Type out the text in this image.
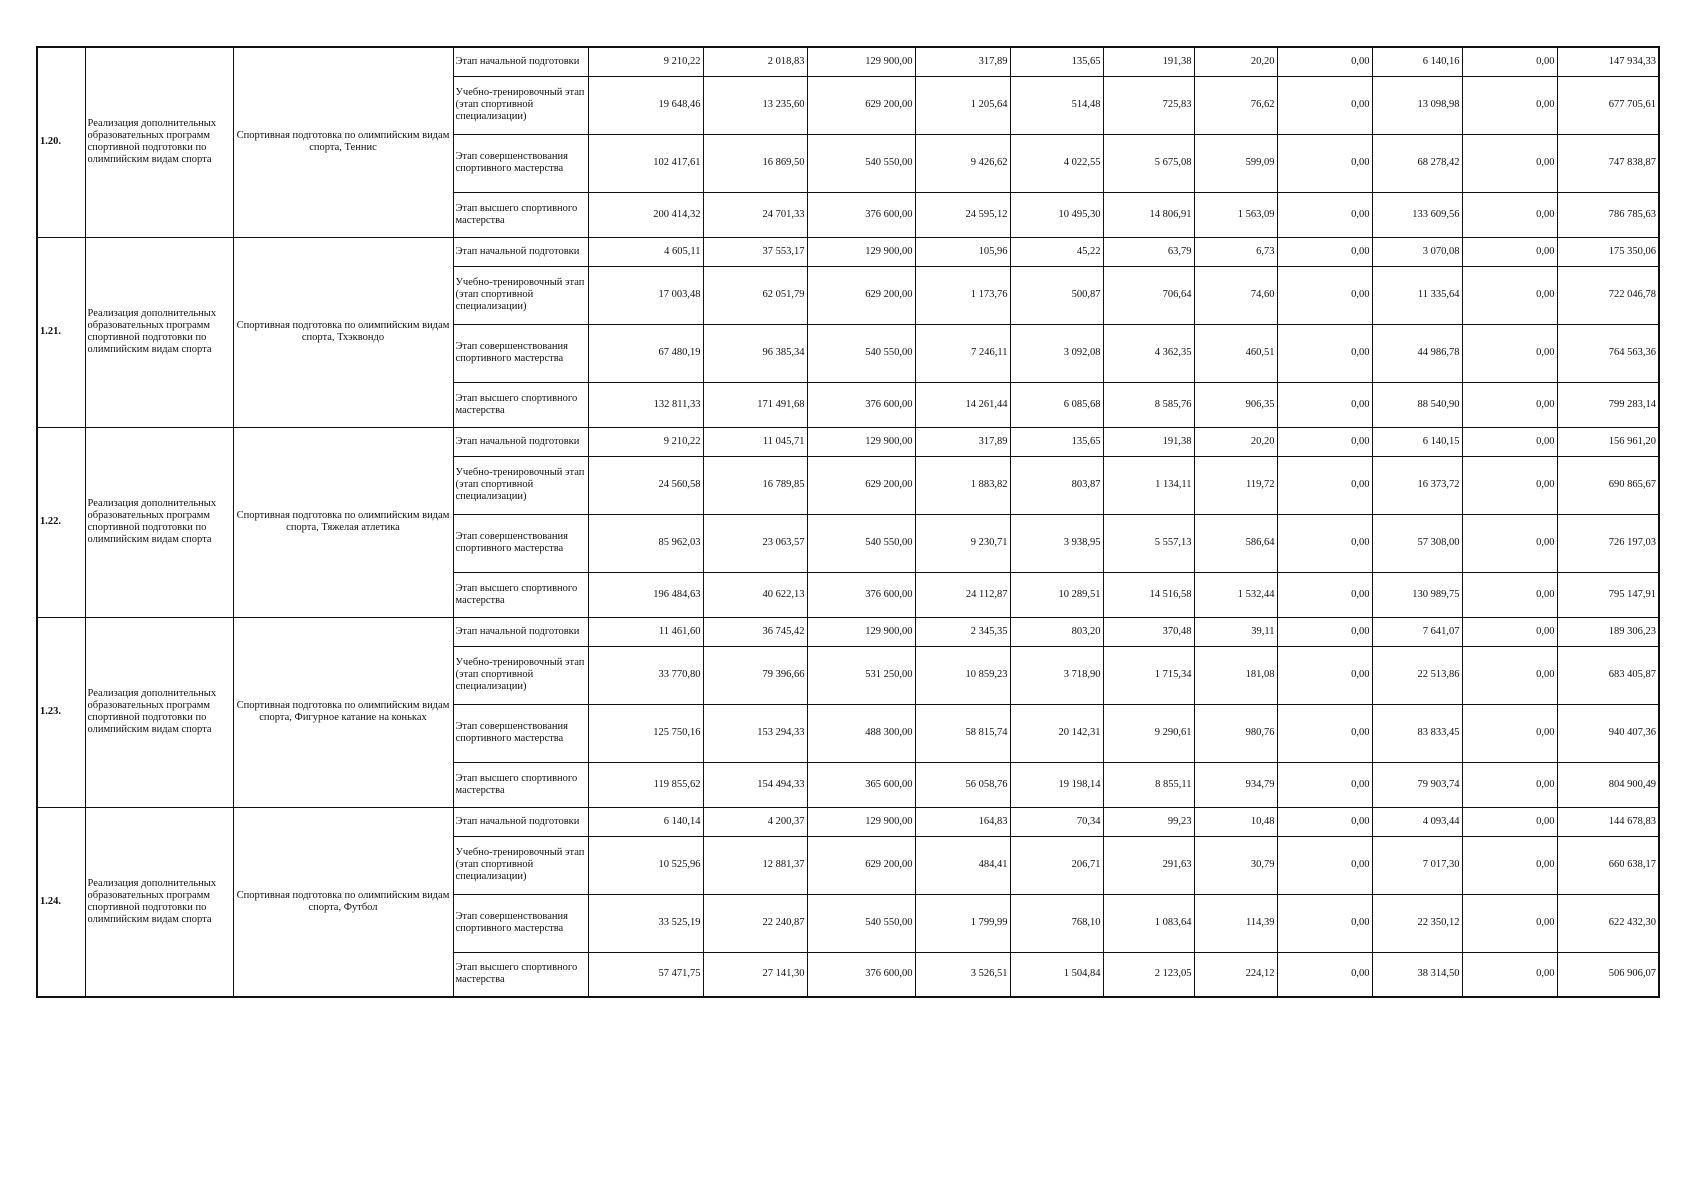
1.20.	Реализация дополнительных образовательных программ спортивной подготовки по олимпийским видам спорта	Спортивная подготовка по олимпийским видам спорта, Теннис	Этап начальной подготовки	9 210,22	2 018,83	129 900,00	317,89	135,65	191,38	20,20	0,00	6 140,16	0,00	147 934,33
			Учебно-тренировочный этап (этап спортивной специализации)	19 648,46	13 235,60	629 200,00	1 205,64	514,48	725,83	76,62	0,00	13 098,98	0,00	677 705,61
			Этап совершенствования спортивного мастерства	102 417,61	16 869,50	540 550,00	9 426,62	4 022,55	5 675,08	599,09	0,00	68 278,42	0,00	747 838,87
			Этап высшего спортивного мастерства	200 414,32	24 701,33	376 600,00	24 595,12	10 495,30	14 806,91	1 563,09	0,00	133 609,56	0,00	786 785,63
1.21.	Реализация дополнительных образовательных программ спортивной подготовки по олимпийским видам спорта	Спортивная подготовка по олимпийским видам спорта, Тхэквондо	Этап начальной подготовки	4 605,11	37 553,17	129 900,00	105,96	45,22	63,79	6,73	0,00	3 070,08	0,00	175 350,06
			Учебно-тренировочный этап (этап спортивной специализации)	17 003,48	62 051,79	629 200,00	1 173,76	500,87	706,64	74,60	0,00	11 335,64	0,00	722 046,78
			Этап совершенствования спортивного мастерства	67 480,19	96 385,34	540 550,00	7 246,11	3 092,08	4 362,35	460,51	0,00	44 986,78	0,00	764 563,36
			Этап высшего спортивного мастерства	132 811,33	171 491,68	376 600,00	14 261,44	6 085,68	8 585,76	906,35	0,00	88 540,90	0,00	799 283,14
1.22.	Реализация дополнительных образовательных программ спортивной подготовки по олимпийским видам спорта	Спортивная подготовка по олимпийским видам спорта, Тяжелая атлетика	Этап начальной подготовки	9 210,22	11 045,71	129 900,00	317,89	135,65	191,38	20,20	0,00	6 140,15	0,00	156 961,20
			Учебно-тренировочный этап (этап спортивной специализации)	24 560,58	16 789,85	629 200,00	1 883,82	803,87	1 134,11	119,72	0,00	16 373,72	0,00	690 865,67
			Этап совершенствования спортивного мастерства	85 962,03	23 063,57	540 550,00	9 230,71	3 938,95	5 557,13	586,64	0,00	57 308,00	0,00	726 197,03
			Этап высшего спортивного мастерства	196 484,63	40 622,13	376 600,00	24 112,87	10 289,51	14 516,58	1 532,44	0,00	130 989,75	0,00	795 147,91
1.23.	Реализация дополнительных образовательных программ спортивной подготовки по олимпийским видам спорта	Спортивная подготовка по олимпийским видам спорта, Фигурное катание на коньках	Этап начальной подготовки	11 461,60	36 745,42	129 900,00	2 345,35	803,20	370,48	39,11	0,00	7 641,07	0,00	189 306,23
			Учебно-тренировочный этап (этап спортивной специализации)	33 770,80	79 396,66	531 250,00	10 859,23	3 718,90	1 715,34	181,08	0,00	22 513,86	0,00	683 405,87
			Этап совершенствования спортивного мастерства	125 750,16	153 294,33	488 300,00	58 815,74	20 142,31	9 290,61	980,76	0,00	83 833,45	0,00	940 407,36
			Этап высшего спортивного мастерства	119 855,62	154 494,33	365 600,00	56 058,76	19 198,14	8 855,11	934,79	0,00	79 903,74	0,00	804 900,49
1.24.	Реализация дополнительных образовательных программ спортивной подготовки по олимпийским видам спорта	Спортивная подготовка по олимпийским видам спорта, Футбол	Этап начальной подготовки	6 140,14	4 200,37	129 900,00	164,83	70,34	99,23	10,48	0,00	4 093,44	0,00	144 678,83
			Учебно-тренировочный этап (этап спортивной специализации)	10 525,96	12 881,37	629 200,00	484,41	206,71	291,63	30,79	0,00	7 017,30	0,00	660 638,17
			Этап совершенствования спортивного мастерства	33 525,19	22 240,87	540 550,00	1 799,99	768,10	1 083,64	114,39	0,00	22 350,12	0,00	622 432,30
			Этап высшего спортивного мастерства	57 471,75	27 141,30	376 600,00	3 526,51	1 504,84	2 123,05	224,12	0,00	38 314,50	0,00	506 906,07
